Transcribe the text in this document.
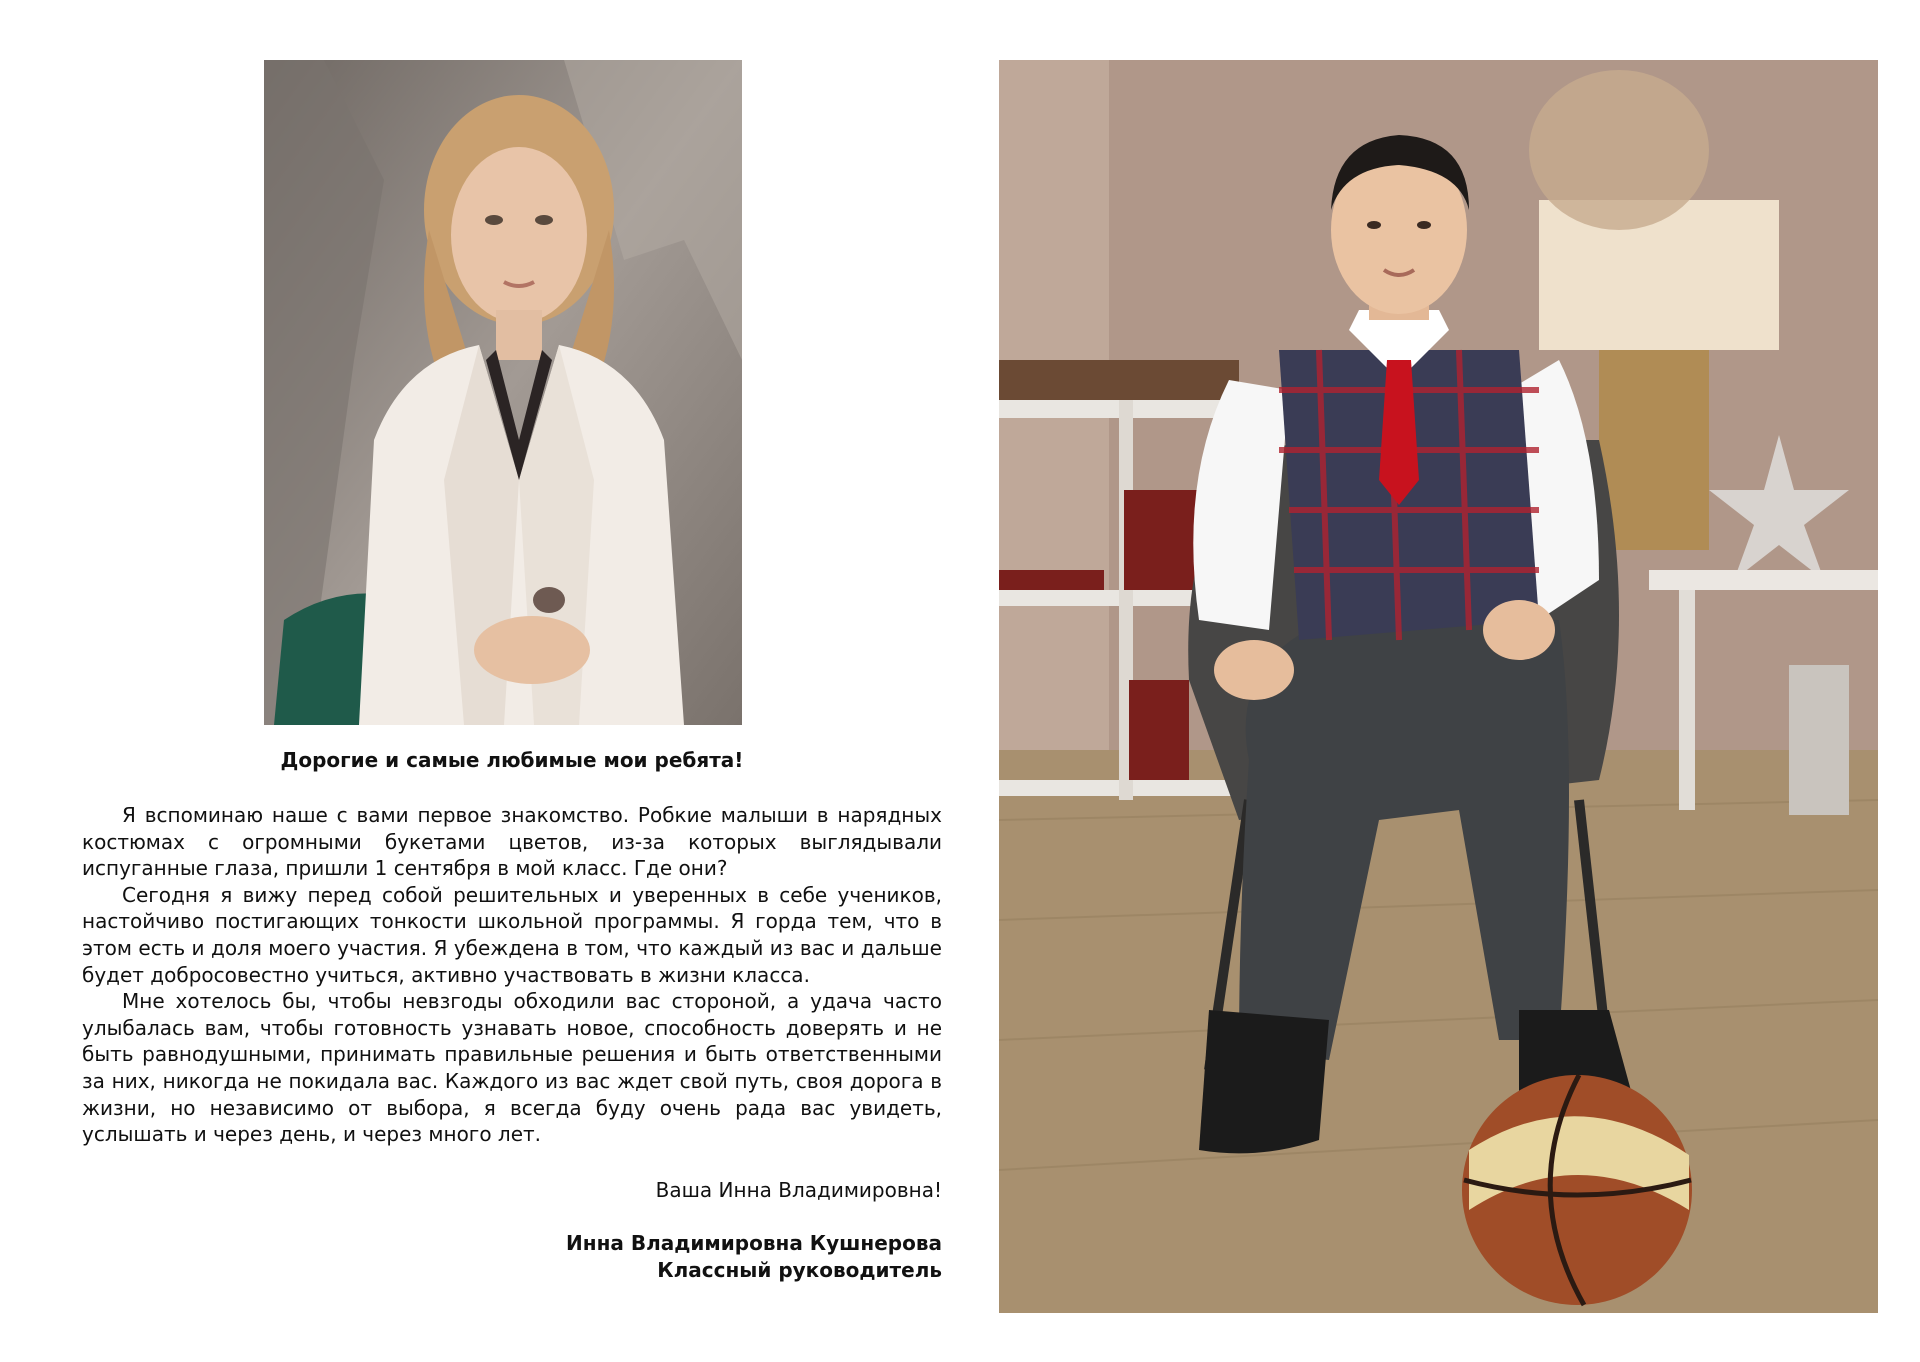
Дорогие и самые любимые мои ребята!

Я вспоминаю наше с вами первое знакомство. Робкие малыши в нарядных костюмах с огромными букетами цветов, из-за которых выглядывали испуганные глаза, пришли 1 сентября в мой класс. Где они?

Сегодня я вижу перед собой решительных и уверенных в себе учеников, настойчиво постигающих тонкости школьной программы. Я горда тем, что в этом есть и доля моего участия. Я убеждена в том, что каждый из вас и дальше будет добросовестно учиться, активно участвовать в жизни класса.

Мне хотелось бы, чтобы невзгоды обходили вас стороной, а удача часто улыбалась вам, чтобы готовность узнавать новое, способность доверять и не быть равнодушными, принимать правильные решения и быть ответственными за них, никогда не покидала вас. Каждого из вас ждет свой путь, своя дорога в жизни, но независимо от выбора, я всегда буду очень рада вас увидеть, услышать и через день, и через много лет.

Ваша Инна Владимировна!
Инна Владимировна Кушнерова
Классный руководитель
